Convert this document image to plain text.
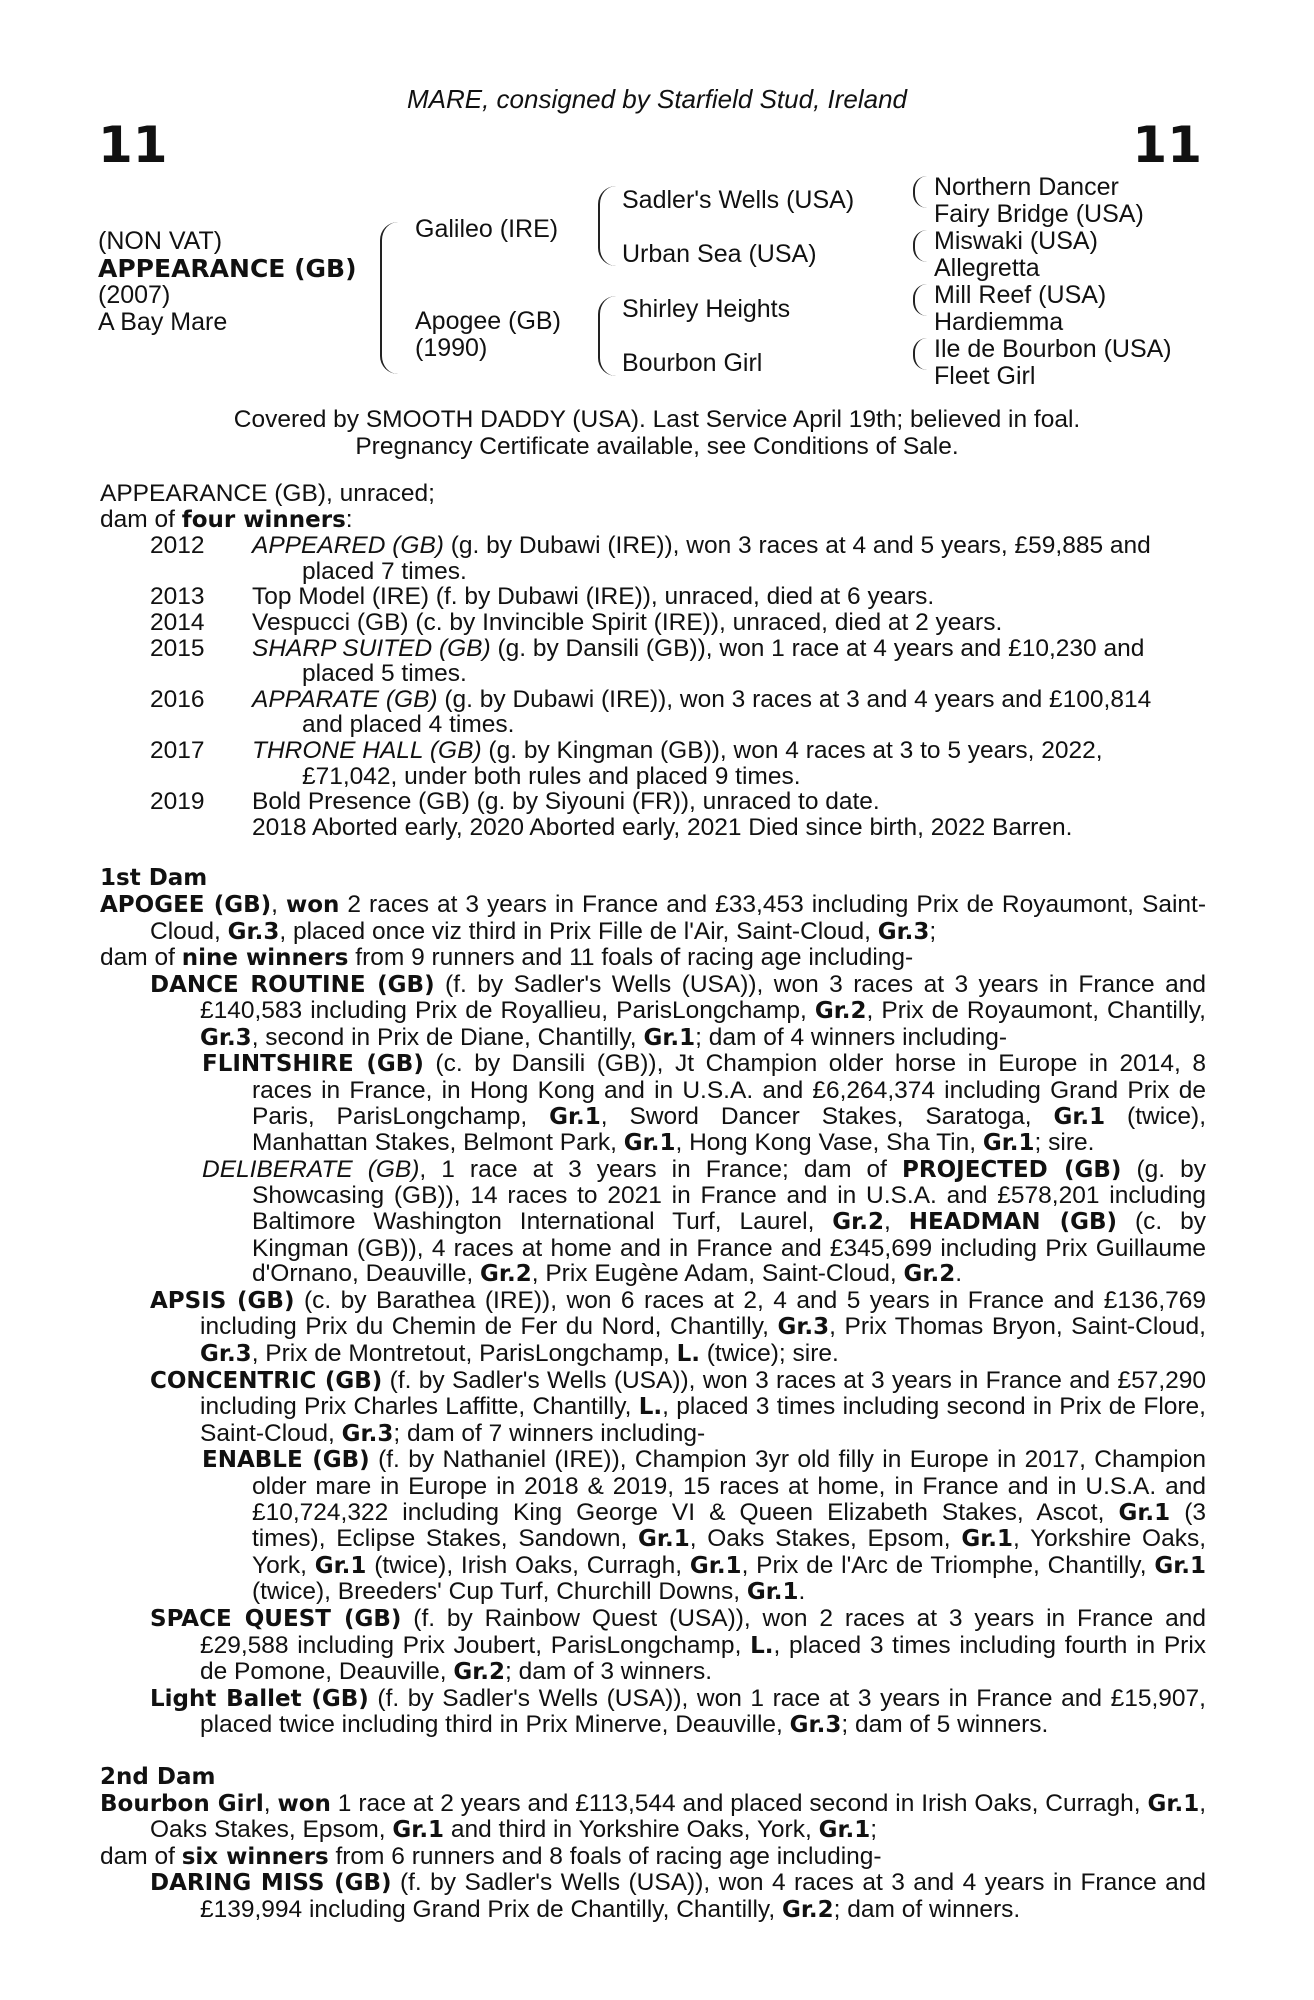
MARE, consigned by Starfield Stud, Ireland
11	11
(NON VAT)
APPEARANCE (GB)
(2007)
A Bay Mare
Galileo (IRE)
Apogee (GB)
(1990)
Sadler's Wells (USA)
Urban Sea (USA)
Shirley Heights
Bourbon Girl
Northern Dancer
Fairy Bridge (USA)
Miswaki (USA)
Allegretta
Mill Reef (USA)
Hardiemma
Ile de Bourbon (USA)
Fleet Girl
Covered by SMOOTH DADDY (USA). Last Service April 19th; believed in foal.
Pregnancy Certificate available, see Conditions of Sale.
APPEARANCE (GB), unraced;
dam of four winners:
2012 APPEARED (GB) (g. by Dubawi (IRE)), won 3 races at 4 and 5 years, £59,885 and
placed 7 times.
2013 Top Model (IRE) (f. by Dubawi (IRE)), unraced, died at 6 years.
2014 Vespucci (GB) (c. by Invincible Spirit (IRE)), unraced, died at 2 years.
2015 SHARP SUITED (GB) (g. by Dansili (GB)), won 1 race at 4 years and £10,230 and
placed 5 times.
2016 APPARATE (GB) (g. by Dubawi (IRE)), won 3 races at 3 and 4 years and £100,814
and placed 4 times.
2017 THRONE HALL (GB) (g. by Kingman (GB)), won 4 races at 3 to 5 years, 2022,
£71,042, under both rules and placed 9 times.
2019 Bold Presence (GB) (g. by Siyouni (FR)), unraced to date.
2018 Aborted early, 2020 Aborted early, 2021 Died since birth, 2022 Barren.
1st Dam
APOGEE (GB), won 2 races at 3 years in France and £33,453 including Prix de Royaumont, Saint-Cloud, Gr.3, placed once viz third in Prix Fille de l'Air, Saint-Cloud, Gr.3;
dam of nine winners from 9 runners and 11 foals of racing age including-
DANCE ROUTINE (GB) (f. by Sadler's Wells (USA)), won 3 races at 3 years in France and £140,583 including Prix de Royallieu, ParisLongchamp, Gr.2, Prix de Royaumont, Chantilly, Gr.3, second in Prix de Diane, Chantilly, Gr.1; dam of 4 winners including-
FLINTSHIRE (GB) (c. by Dansili (GB)), Jt Champion older horse in Europe in 2014, 8 races in France, in Hong Kong and in U.S.A. and £6,264,374 including Grand Prix de Paris, ParisLongchamp, Gr.1, Sword Dancer Stakes, Saratoga, Gr.1 (twice), Manhattan Stakes, Belmont Park, Gr.1, Hong Kong Vase, Sha Tin, Gr.1; sire.
DELIBERATE (GB), 1 race at 3 years in France; dam of PROJECTED (GB) (g. by Showcasing (GB)), 14 races to 2021 in France and in U.S.A. and £578,201 including Baltimore Washington International Turf, Laurel, Gr.2, HEADMAN (GB) (c. by Kingman (GB)), 4 races at home and in France and £345,699 including Prix Guillaume d'Ornano, Deauville, Gr.2, Prix Eugène Adam, Saint-Cloud, Gr.2.
APSIS (GB) (c. by Barathea (IRE)), won 6 races at 2, 4 and 5 years in France and £136,769 including Prix du Chemin de Fer du Nord, Chantilly, Gr.3, Prix Thomas Bryon, Saint-Cloud, Gr.3, Prix de Montretout, ParisLongchamp, L. (twice); sire.
CONCENTRIC (GB) (f. by Sadler's Wells (USA)), won 3 races at 3 years in France and £57,290 including Prix Charles Laffitte, Chantilly, L., placed 3 times including second in Prix de Flore, Saint-Cloud, Gr.3; dam of 7 winners including-
ENABLE (GB) (f. by Nathaniel (IRE)), Champion 3yr old filly in Europe in 2017, Champion older mare in Europe in 2018 & 2019, 15 races at home, in France and in U.S.A. and £10,724,322 including King George VI & Queen Elizabeth Stakes, Ascot, Gr.1 (3 times), Eclipse Stakes, Sandown, Gr.1, Oaks Stakes, Epsom, Gr.1, Yorkshire Oaks, York, Gr.1 (twice), Irish Oaks, Curragh, Gr.1, Prix de l'Arc de Triomphe, Chantilly, Gr.1 (twice), Breeders' Cup Turf, Churchill Downs, Gr.1.
SPACE QUEST (GB) (f. by Rainbow Quest (USA)), won 2 races at 3 years in France and £29,588 including Prix Joubert, ParisLongchamp, L., placed 3 times including fourth in Prix de Pomone, Deauville, Gr.2; dam of 3 winners.
Light Ballet (GB) (f. by Sadler's Wells (USA)), won 1 race at 3 years in France and £15,907, placed twice including third in Prix Minerve, Deauville, Gr.3; dam of 5 winners.
2nd Dam
Bourbon Girl, won 1 race at 2 years and £113,544 and placed second in Irish Oaks, Curragh, Gr.1, Oaks Stakes, Epsom, Gr.1 and third in Yorkshire Oaks, York, Gr.1;
dam of six winners from 6 runners and 8 foals of racing age including-
DARING MISS (GB) (f. by Sadler's Wells (USA)), won 4 races at 3 and 4 years in France and £139,994 including Grand Prix de Chantilly, Chantilly, Gr.2; dam of winners.
